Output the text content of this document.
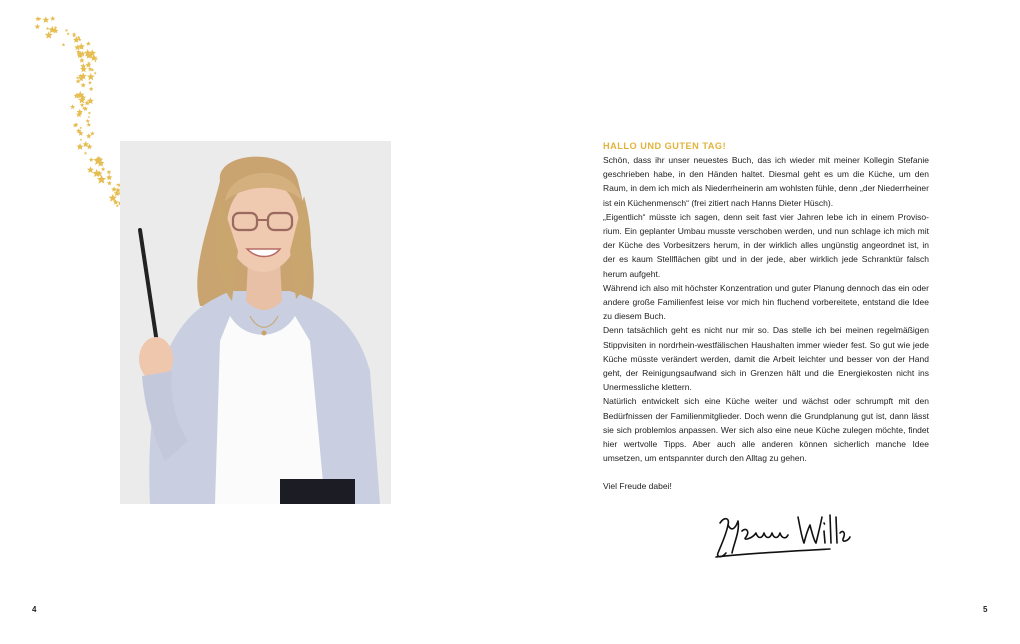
4
HALLO UND GUTEN TAG!

Schön, dass ihr unser neuestes Buch, das ich wieder mit meiner Kollegin Stefanie geschrieben habe, in den Händen haltet. Diesmal geht es um die Küche, um den Raum, in dem ich mich als Niederrheinerin am wohlsten fühle, denn „der Niederrheiner ist ein Küchenmensch“ (frei zitiert nach Hanns Dieter Hüsch).

„Eigentlich“ müsste ich sagen, denn seit fast vier Jahren lebe ich in einem Provisorium. Ein geplanter Umbau musste verschoben werden, und nun schlage ich mich mit der Küche des Vorbesitzers herum, in der wirklich alles ungünstig angeordnet ist, in der es kaum Stellflächen gibt und in der jede, aber wirklich jede Schranktür falsch herum aufgeht.

Während ich also mit höchster Konzentration und guter Planung dennoch das ein oder andere große Familienfest leise vor mich hin fluchend vorbereitete, entstand die Idee zu diesem Buch.

Denn tatsächlich geht es nicht nur mir so. Das stelle ich bei meinen regelmäßigen Stippvisiten in nordrhein-westfälischen Haushalten immer wieder fest. So gut wie jede Küche müsste verändert werden, damit die Arbeit leichter und besser von der Hand geht, der Reinigungsaufwand sich in Grenzen hält und die Energiekosten nicht ins Unermessliche klettern.

Natürlich entwickelt sich eine Küche weiter und wächst oder schrumpft mit den Bedürfnissen der Familienmitglieder. Doch wenn die Grundplanung gut ist, dann lässt sie sich problemlos anpassen. Wer sich also eine neue Küche zulegen möchte, findet hier wertvolle Tipps. Aber auch alle anderen können sicherlich manche Idee umsetzen, um entspannter durch den Alltag zu gehen.

Viel Freude dabei!

5
